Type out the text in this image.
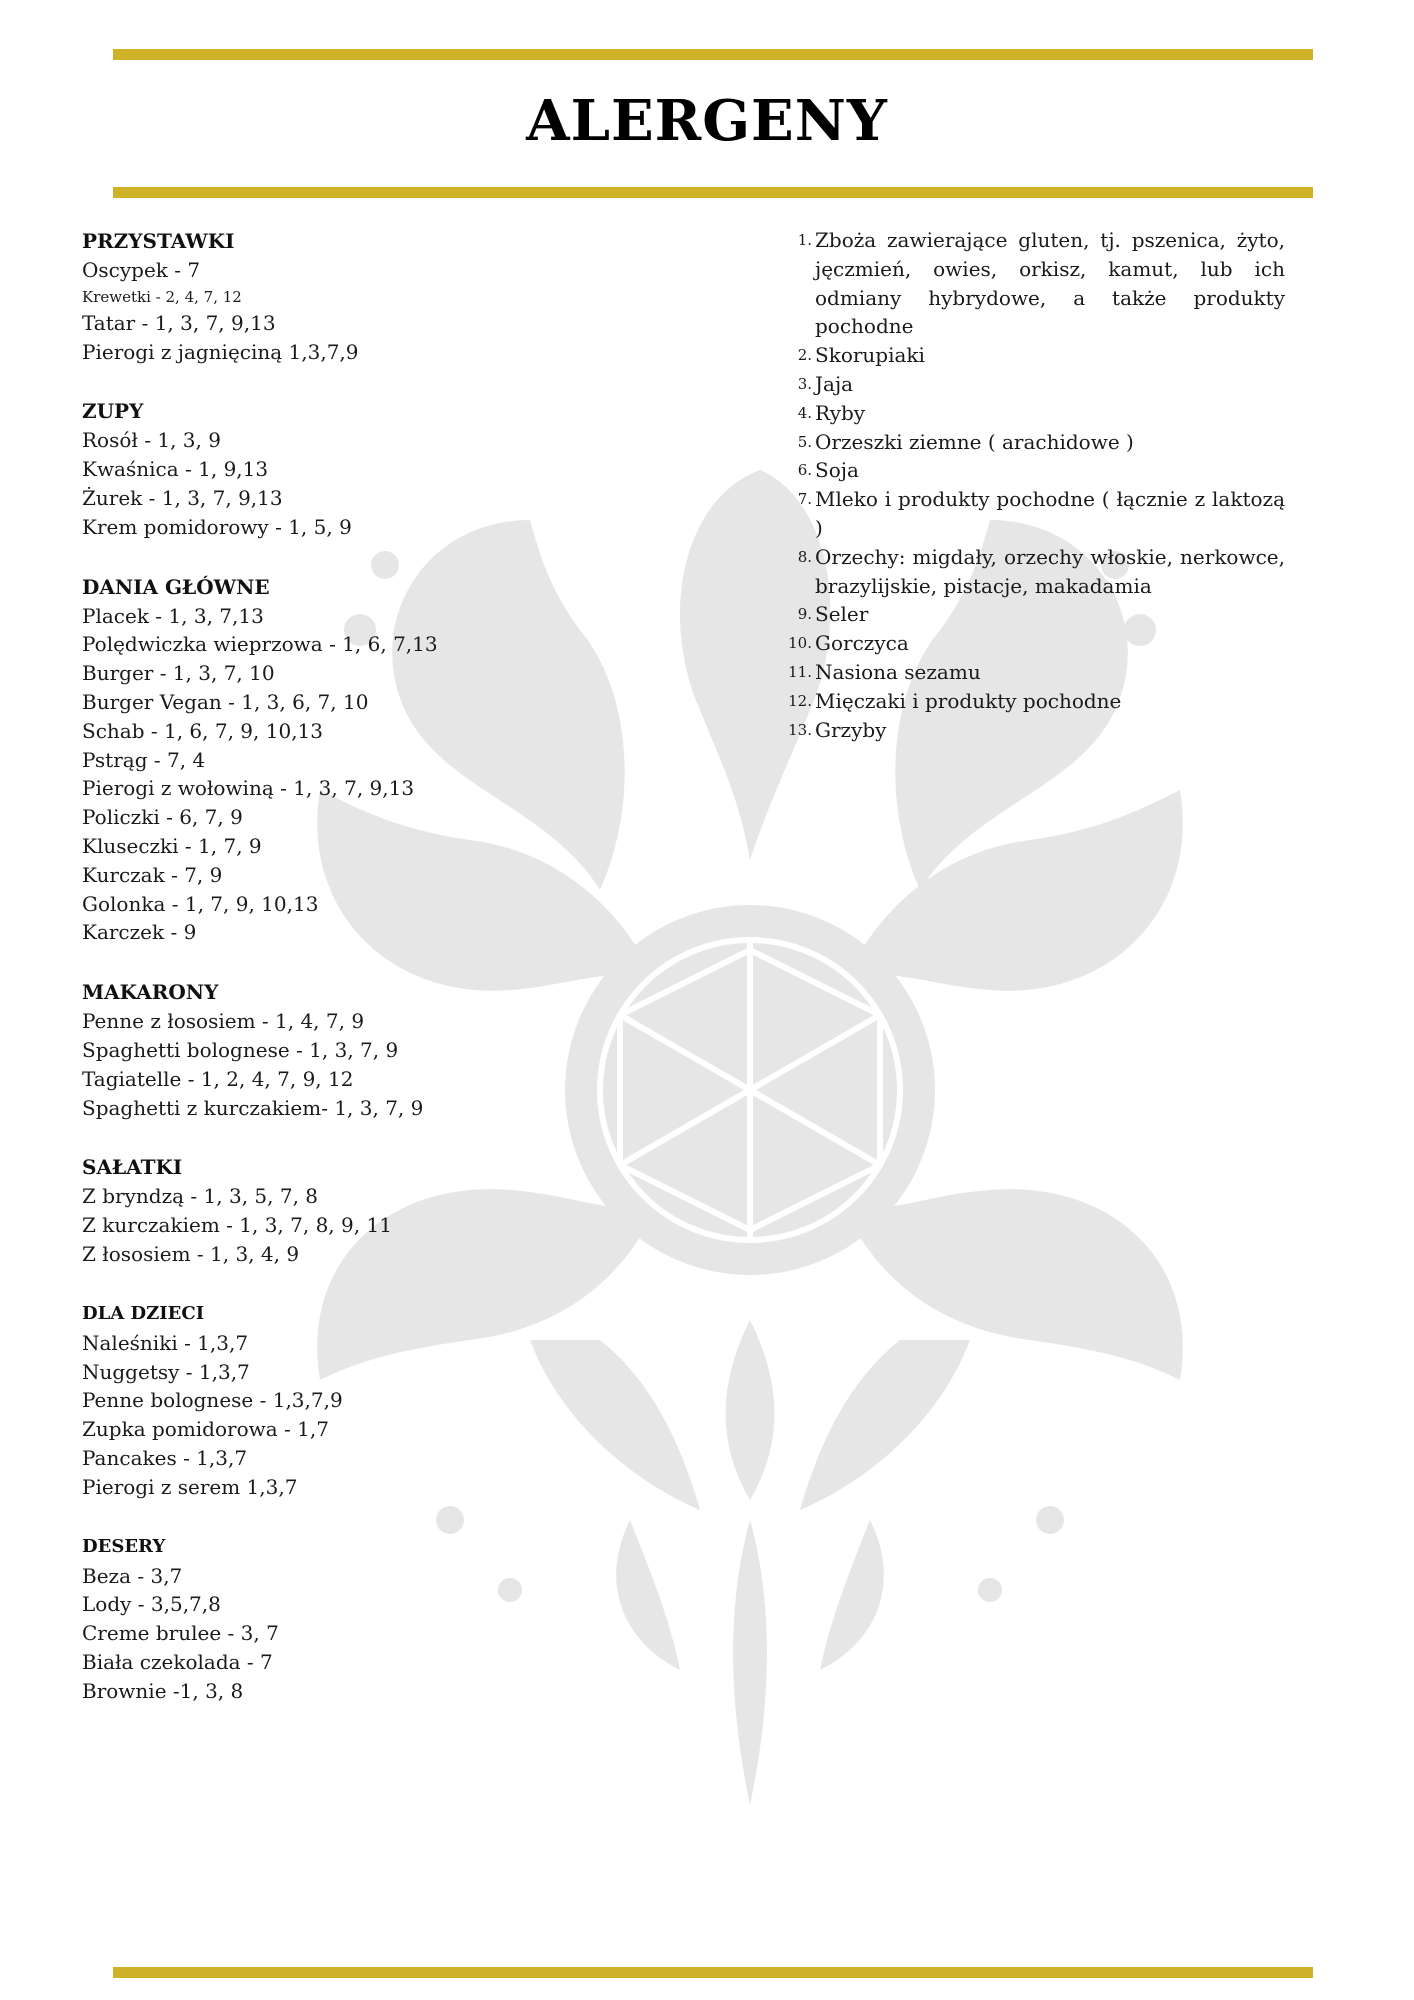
ALERGENY

PRZYSTAWKI

Oscypek - 7

Krewetki - 2, 4, 7, 12

Tatar - 1, 3, 7, 9,13

Pierogi z jagnięciną 1,3,7,9

ZUPY

Rosół - 1, 3, 9

Kwaśnica - 1, 9,13

Żurek - 1, 3, 7, 9,13

Krem pomidorowy - 1, 5, 9

DANIA GŁÓWNE

Placek - 1, 3, 7,13

Polędwiczka wieprzowa - 1, 6, 7,13

Burger - 1, 3, 7, 10

Burger Vegan - 1, 3, 6, 7, 10

Schab - 1, 6, 7, 9, 10,13

Pstrąg - 7, 4

Pierogi z wołowiną - 1, 3, 7, 9,13

Policzki - 6, 7, 9

Kluseczki - 1, 7, 9

Kurczak - 7, 9

Golonka - 1, 7, 9, 10,13

Karczek - 9

MAKARONY

Penne z łososiem - 1, 4, 7, 9

Spaghetti bolognese - 1, 3, 7, 9

Tagiatelle - 1, 2, 4, 7, 9, 12

Spaghetti z kurczakiem- 1, 3, 7, 9

SAŁATKI

Z bryndzą - 1, 3, 5, 7, 8

Z kurczakiem - 1, 3, 7, 8, 9, 11

Z łososiem - 1, 3, 4, 9

DLA DZIECI

Naleśniki - 1,3,7

Nuggetsy - 1,3,7

Penne bolognese - 1,3,7,9

Zupka pomidorowa - 1,7

Pancakes - 1,3,7

Pierogi z serem 1,3,7

DESERY

Beza - 3,7

Lody - 3,5,7,8

Creme brulee - 3, 7

Biała czekolada - 7

Brownie -1, 3, 8

1. Zboża zawierające gluten, tj. pszenica, żyto, jęczmień, owies, orkisz, kamut, lub ich odmiany hybrydowe, a także produkty pochodne
2. Skorupiaki
3. Jaja
4. Ryby
5. Orzeszki ziemne ( arachidowe )
6. Soja
7. Mleko i produkty pochodne ( łącznie z laktozą )
8. Orzechy: migdały, orzechy włoskie, nerkowce, brazylijskie, pistacje, makadamia
9. Seler
10. Gorczyca
11. Nasiona sezamu
12. Mięczaki i produkty pochodne
13. Grzyby
